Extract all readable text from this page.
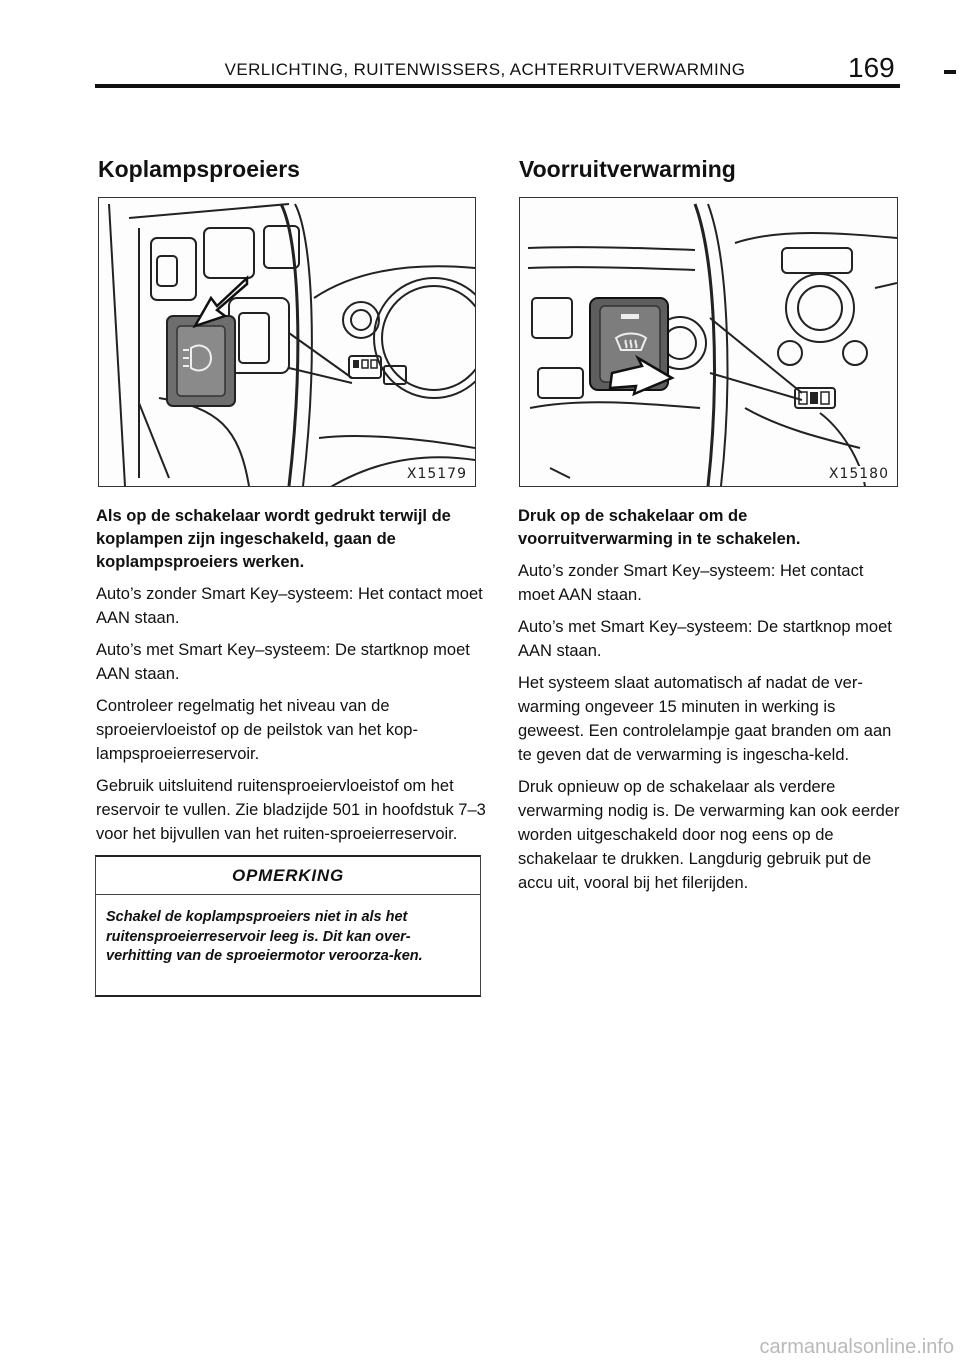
VERLICHTING, RUITENWISSERS, ACHTERRUITVERWARMING	169
Koplampsproeiers
X15179

Als op de schakelaar wordt gedrukt terwijl de koplampen zijn ingeschakeld, gaan de koplampsproeiers werken.

Auto’s zonder Smart Key–systeem: Het contact moet AAN staan.

Auto’s met Smart Key–systeem: De startknop moet AAN staan.

Controleer regelmatig het niveau van de sproeiervloeistof op de peilstok van het kop-lampsproeierreservoir.

Gebruik uitsluitend ruitensproeiervloeistof om het reservoir te vullen. Zie bladzijde 501 in hoofdstuk 7–3 voor het bijvullen van het ruiten-sproeierreservoir.

OPMERKING
Schakel de koplampsproeiers niet in als het ruitensproeierreservoir leeg is. Dit kan over-verhitting van de sproeiermotor veroorza-ken.
Voorruitverwarming
X15180

Druk op de schakelaar om de voorruitverwarming in te schakelen.

Auto’s zonder Smart Key–systeem: Het contact moet AAN staan.

Auto’s met Smart Key–systeem: De startknop moet AAN staan.

Het systeem slaat automatisch af nadat de ver-warming ongeveer 15 minuten in werking is geweest. Een controlelampje gaat branden om aan te geven dat de verwarming is ingescha-keld.

Druk opnieuw op de schakelaar als verdere verwarming nodig is. De verwarming kan ook eerder worden uitgeschakeld door nog eens op de schakelaar te drukken. Langdurig gebruik put de accu uit, vooral bij het filerijden.

carmanualsonline.info
